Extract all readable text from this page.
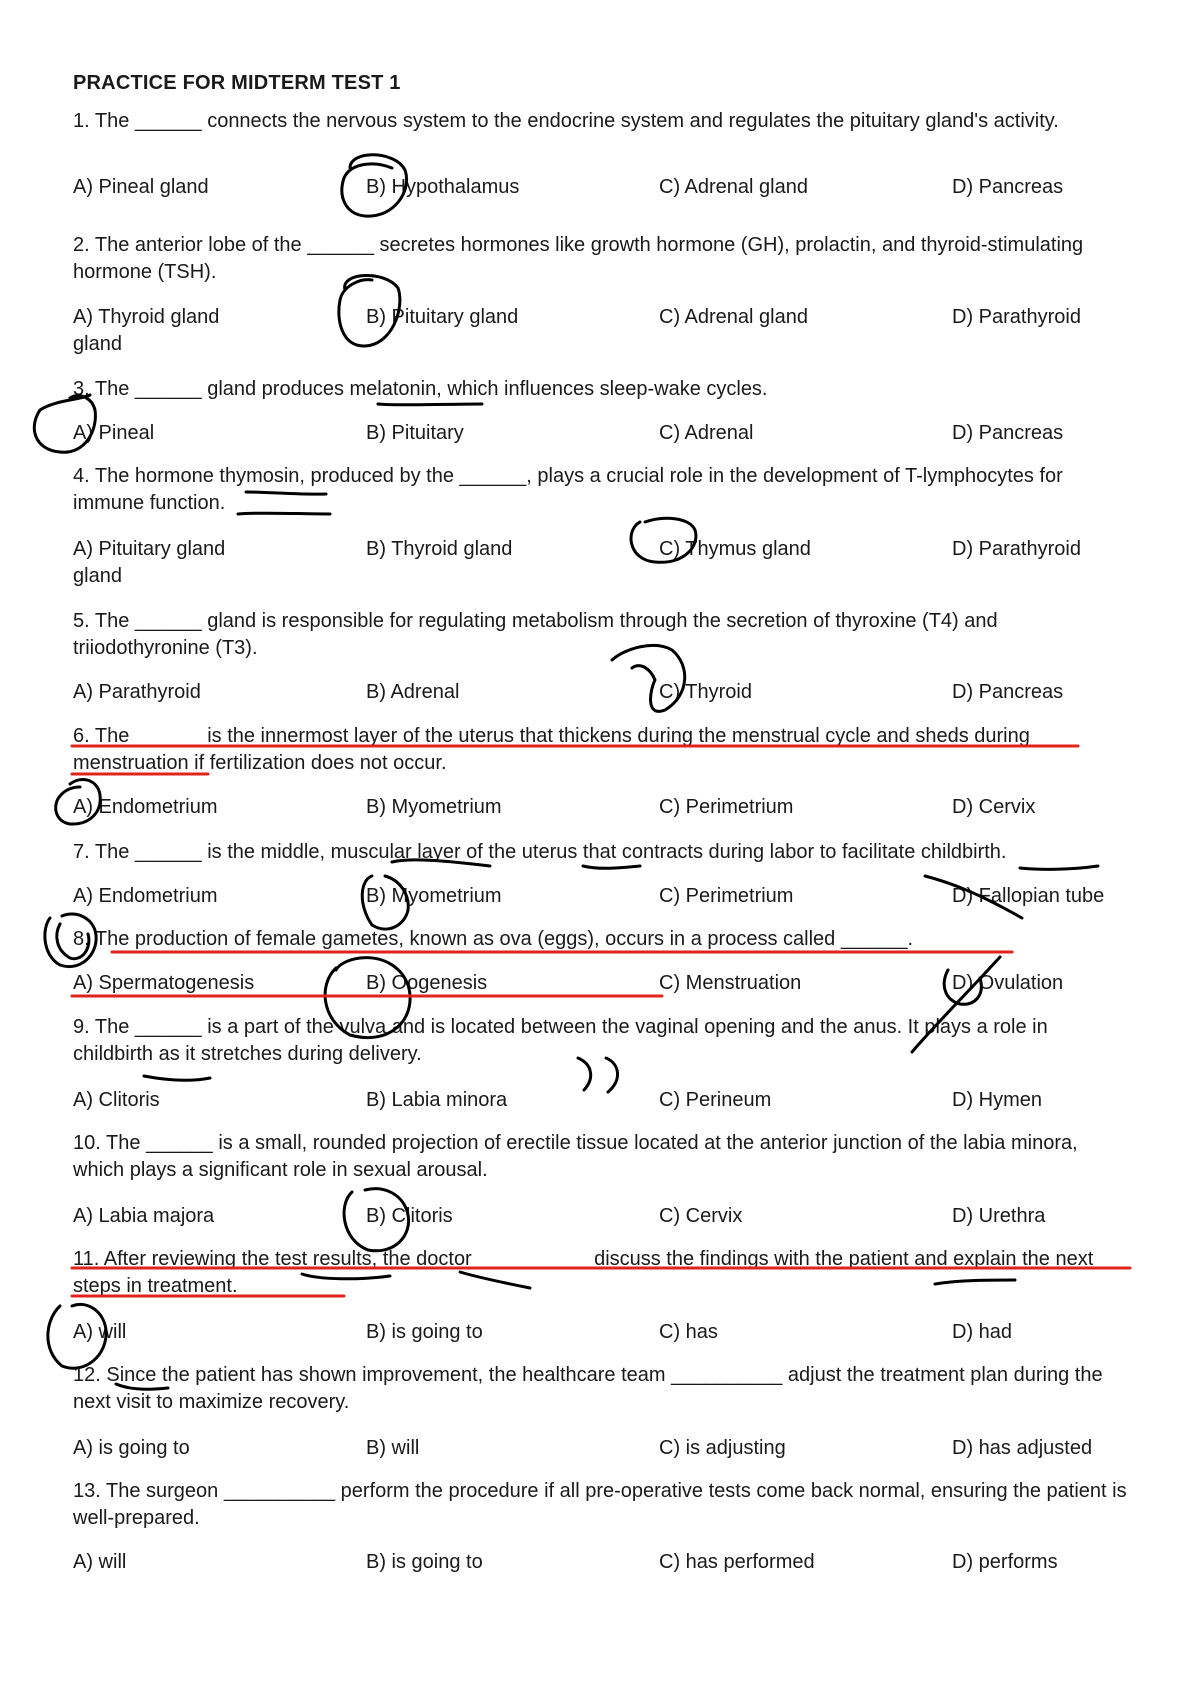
PRACTICE FOR MIDTERM TEST 1
1. The ______ connects the nervous system to the endocrine system and regulates the pituitary gland's activity.
A) Pineal gland	B) Hypothalamus	C) Adrenal gland	D) Pancreas
2. The anterior lobe of the ______ secretes hormones like growth hormone (GH), prolactin, and thyroid-stimulating hormone (TSH).
A) Thyroid gland	B) Pituitary gland	C) Adrenal gland	D) Parathyroid
gland
3. The ______ gland produces melatonin, which influences sleep-wake cycles.
A) Pineal	B) Pituitary	C) Adrenal	D) Pancreas
4. The hormone thymosin, produced by the ______, plays a crucial role in the development of T-lymphocytes for immune function.
A) Pituitary gland	B) Thyroid gland	C) Thymus gland	D) Parathyroid
gland
5. The ______ gland is responsible for regulating metabolism through the secretion of thyroxine (T4) and triiodothyronine (T3).
A) Parathyroid	B) Adrenal	C) Thyroid	D) Pancreas
6. The ______ is the innermost layer of the uterus that thickens during the menstrual cycle and sheds during menstruation if fertilization does not occur.
A) Endometrium	B) Myometrium	C) Perimetrium	D) Cervix
7. The ______ is the middle, muscular layer of the uterus that contracts during labor to facilitate childbirth.
A) Endometrium	B) Myometrium	C) Perimetrium	D) Fallopian tube
8. The production of female gametes, known as ova (eggs), occurs in a process called ______.
A) Spermatogenesis	B) Oogenesis	C) Menstruation	D) Ovulation
9. The ______ is a part of the vulva and is located between the vaginal opening and the anus. It plays a role in childbirth as it stretches during delivery.
A) Clitoris	B) Labia minora	C) Perineum	D) Hymen
10. The ______ is a small, rounded projection of erectile tissue located at the anterior junction of the labia minora, which plays a significant role in sexual arousal.
A) Labia majora	B) Clitoris	C) Cervix	D) Urethra
11. After reviewing the test results, the doctor __________ discuss the findings with the patient and explain the next steps in treatment.
A) will	B) is going to	C) has	D) had
12. Since the patient has shown improvement, the healthcare team __________ adjust the treatment plan during the next visit to maximize recovery.
A) is going to	B) will	C) is adjusting	D) has adjusted
13. The surgeon __________ perform the procedure if all pre-operative tests come back normal, ensuring the patient is well-prepared.
A) will	B) is going to	C) has performed	D) performs
